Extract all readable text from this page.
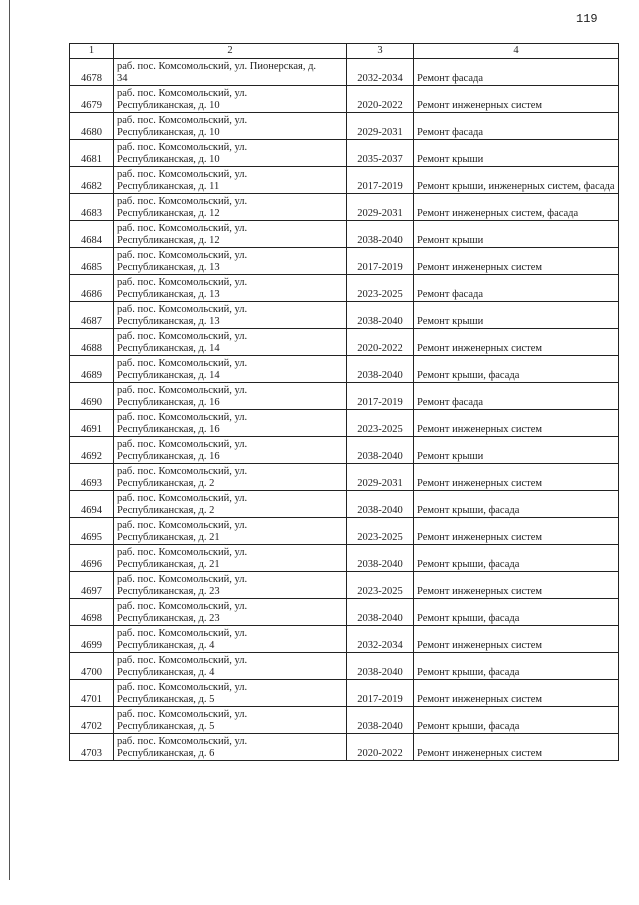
119
1	2	3	4
4678	раб. пос. Комсомольский, ул. Пионерская, д.
34	2032-2034	Ремонт фасада
4679	раб. пос. Комсомольский, ул.
Республиканская, д. 10	2020-2022	Ремонт инженерных систем
4680	раб. пос. Комсомольский, ул.
Республиканская, д. 10	2029-2031	Ремонт фасада
4681	раб. пос. Комсомольский, ул.
Республиканская, д. 10	2035-2037	Ремонт крыши
4682	раб. пос. Комсомольский, ул.
Республиканская, д. 11	2017-2019	Ремонт крыши, инженерных систем, фасада
4683	раб. пос. Комсомольский, ул.
Республиканская, д. 12	2029-2031	Ремонт инженерных систем, фасада
4684	раб. пос. Комсомольский, ул.
Республиканская, д. 12	2038-2040	Ремонт крыши
4685	раб. пос. Комсомольский, ул.
Республиканская, д. 13	2017-2019	Ремонт инженерных систем
4686	раб. пос. Комсомольский, ул.
Республиканская, д. 13	2023-2025	Ремонт фасада
4687	раб. пос. Комсомольский, ул.
Республиканская, д. 13	2038-2040	Ремонт крыши
4688	раб. пос. Комсомольский, ул.
Республиканская, д. 14	2020-2022	Ремонт инженерных систем
4689	раб. пос. Комсомольский, ул.
Республиканская, д. 14	2038-2040	Ремонт крыши, фасада
4690	раб. пос. Комсомольский, ул.
Республиканская, д. 16	2017-2019	Ремонт фасада
4691	раб. пос. Комсомольский, ул.
Республиканская, д. 16	2023-2025	Ремонт инженерных систем
4692	раб. пос. Комсомольский, ул.
Республиканская, д. 16	2038-2040	Ремонт крыши
4693	раб. пос. Комсомольский, ул.
Республиканская, д. 2	2029-2031	Ремонт инженерных систем
4694	раб. пос. Комсомольский, ул.
Республиканская, д. 2	2038-2040	Ремонт крыши, фасада
4695	раб. пос. Комсомольский, ул.
Республиканская, д. 21	2023-2025	Ремонт инженерных систем
4696	раб. пос. Комсомольский, ул.
Республиканская, д. 21	2038-2040	Ремонт крыши, фасада
4697	раб. пос. Комсомольский, ул.
Республиканская, д. 23	2023-2025	Ремонт инженерных систем
4698	раб. пос. Комсомольский, ул.
Республиканская, д. 23	2038-2040	Ремонт крыши, фасада
4699	раб. пос. Комсомольский, ул.
Республиканская, д. 4	2032-2034	Ремонт инженерных систем
4700	раб. пос. Комсомольский, ул.
Республиканская, д. 4	2038-2040	Ремонт крыши, фасада
4701	раб. пос. Комсомольский, ул.
Республиканская, д. 5	2017-2019	Ремонт инженерных систем
4702	раб. пос. Комсомольский, ул.
Республиканская, д. 5	2038-2040	Ремонт крыши, фасада
4703	раб. пос. Комсомольский, ул.
Республиканская, д. 6	2020-2022	Ремонт инженерных систем
